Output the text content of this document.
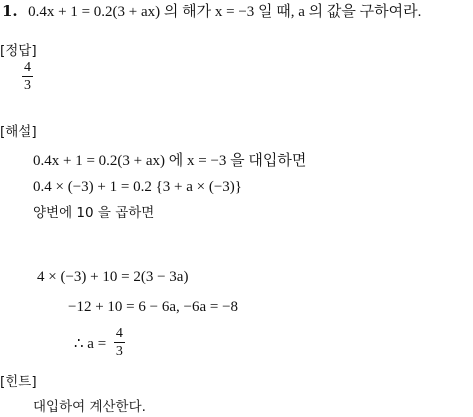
1. 0.4x + 1 = 0.2(3 + ax) 의 해가 x = −3 일 때, a 의 값을 구하여라.
[정답]
4
3
[해설]
0.4x + 1 = 0.2(3 + ax) 에 x = −3 을 대입하면
0.4 × (−3) + 1 = 0.2 {3 + a × (−3)}
양변에 10 을 곱하면
4 × (−3) + 10 = 2(3 − 3a)
−12 + 10 = 6 − 6a, −6a = −8
∴ $a = \frac{4}{3}$
[힌트]
대입하여 계산한다.
